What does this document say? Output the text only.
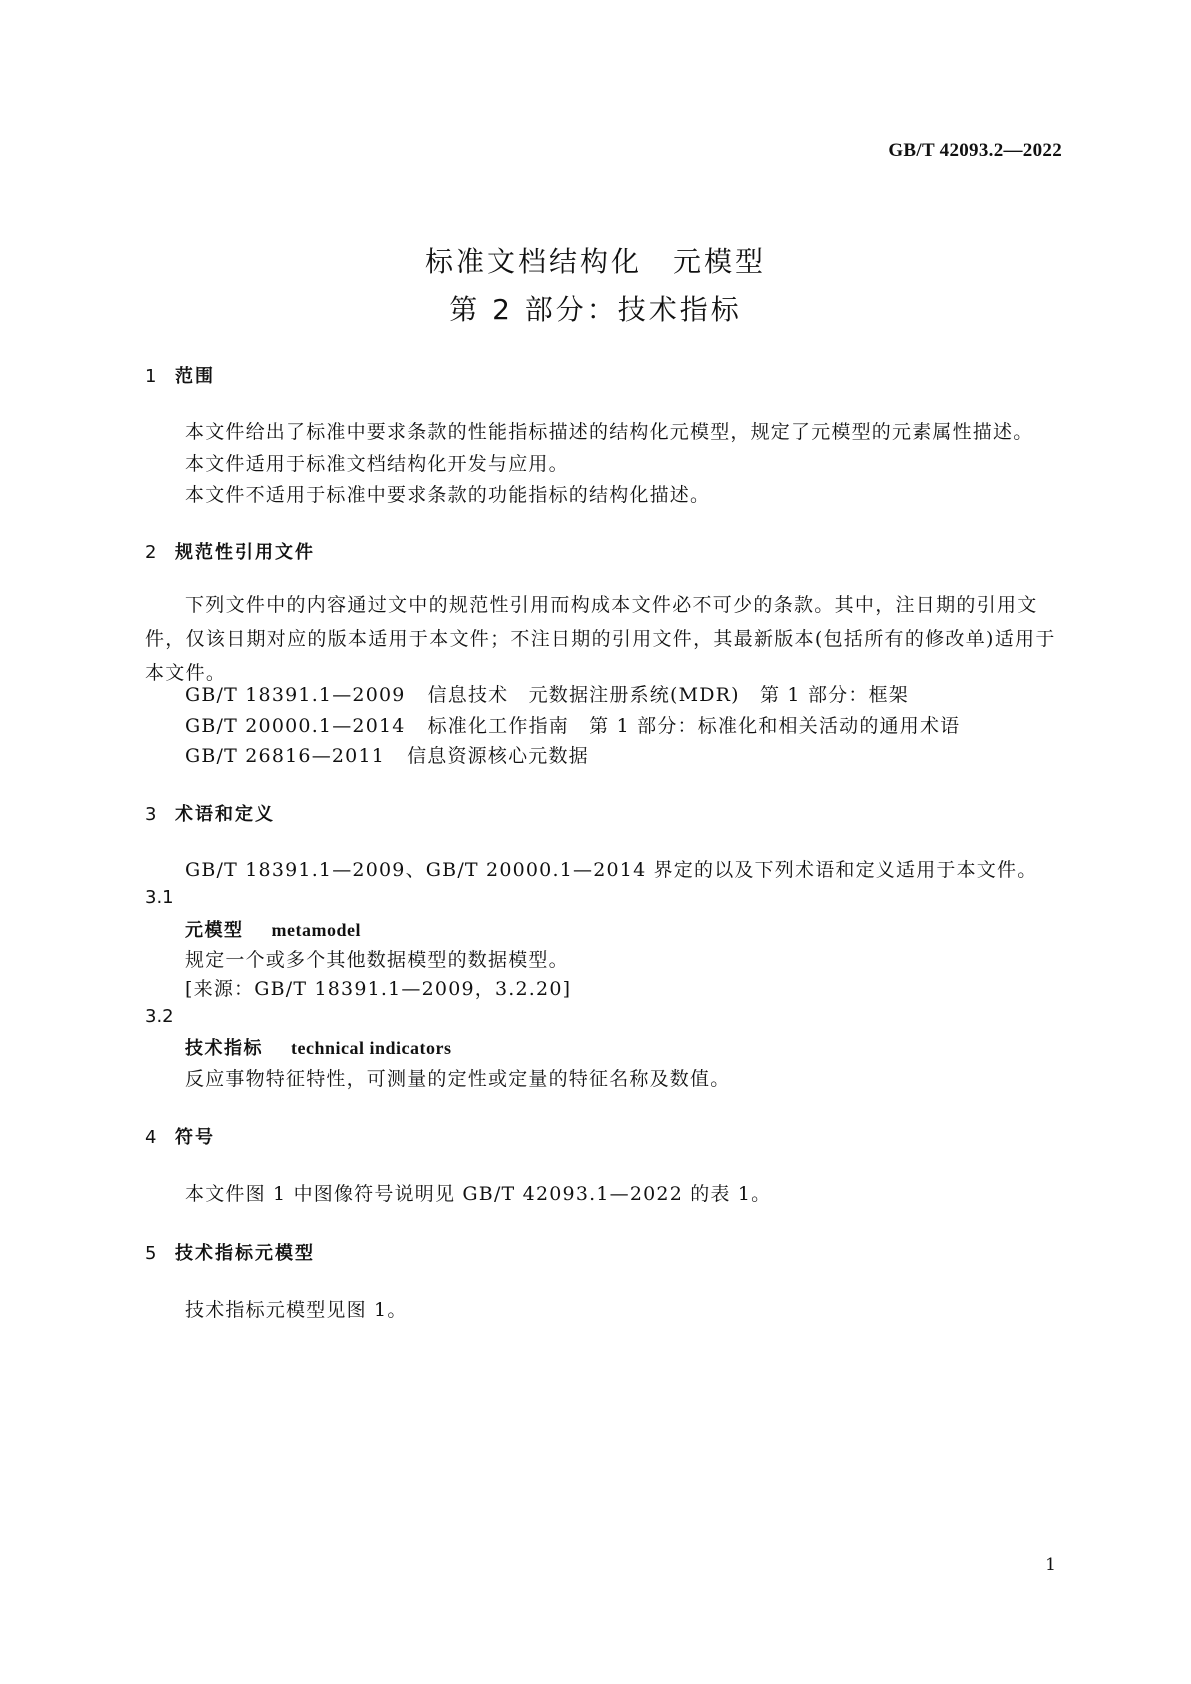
GB/T 42093.2—2022
标准文档结构化　元模型
第 2 部分：技术指标
1 范围
本文件给出了标准中要求条款的性能指标描述的结构化元模型，规定了元模型的元素属性描述。
本文件适用于标准文档结构化开发与应用。
本文件不适用于标准中要求条款的功能指标的结构化描述。
2 规范性引用文件
下列文件中的内容通过文中的规范性引用而构成本文件必不可少的条款。其中，注日期的引用文件，仅该日期对应的版本适用于本文件；不注日期的引用文件，其最新版本(包括所有的修改单)适用于本文件。
GB/T 18391.1—2009 信息技术　元数据注册系统(MDR)　第 1 部分：框架
GB/T 20000.1—2014 标准化工作指南　第 1 部分：标准化和相关活动的通用术语
GB/T 26816—2011 信息资源核心元数据
3 术语和定义
GB/T 18391.1—2009、GB/T 20000.1—2014 界定的以及下列术语和定义适用于本文件。
3.1
元模型 metamodel
规定一个或多个其他数据模型的数据模型。
[来源：GB/T 18391.1—2009，3.2.20]
3.2
技术指标 technical indicators
反应事物特征特性，可测量的定性或定量的特征名称及数值。
4 符号
本文件图 1 中图像符号说明见 GB/T 42093.1—2022 的表 1。
5 技术指标元模型
技术指标元模型见图 1。
1
